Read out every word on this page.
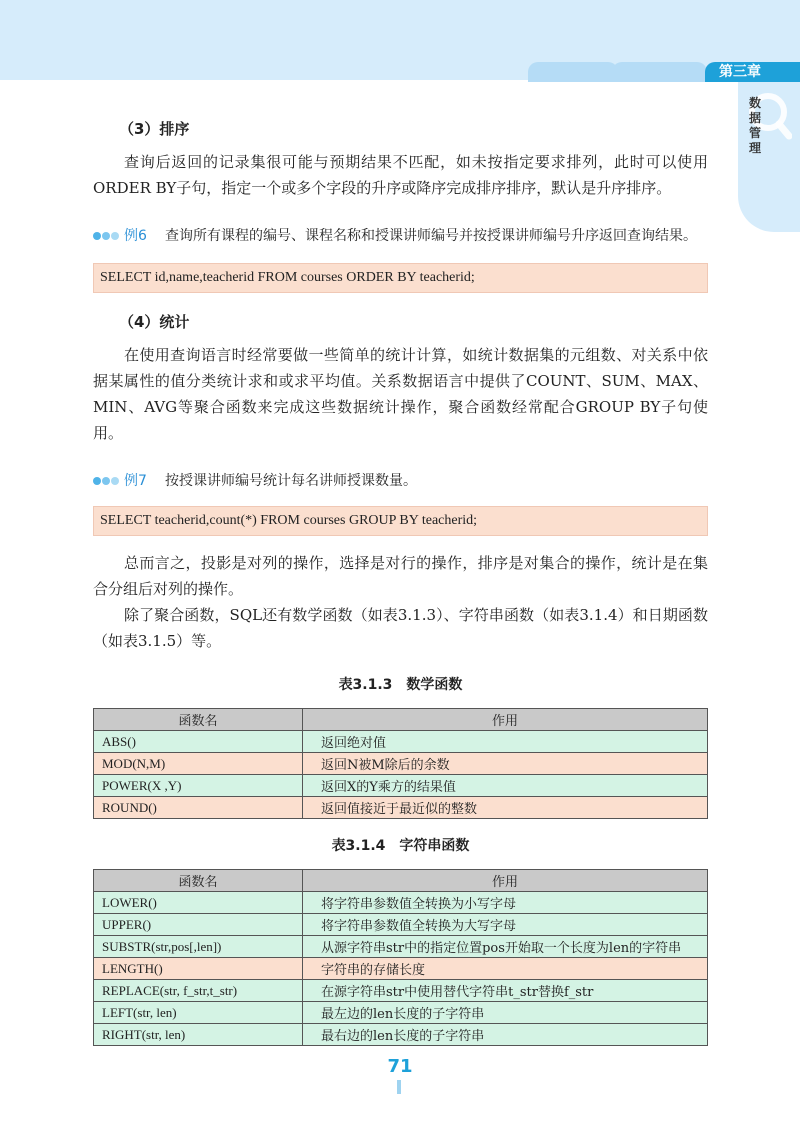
第三章
数据管理

（3）排序

查询后返回的记录集很可能与预期结果不匹配，如未按指定要求排列，此时可以使用ORDER BY子句，指定一个或多个字段的升序或降序完成排序排序，默认是升序排序。

例6 查询所有课程的编号、课程名称和授课讲师编号并按授课讲师编号升序返回查询结果。
SELECT id,name,teacherid FROM courses ORDER BY teacherid;

（4）统计

在使用查询语言时经常要做一些简单的统计计算，如统计数据集的元组数、对关系中依据某属性的值分类统计求和或求平均值。关系数据语言中提供了COUNT、SUM、MAX、MIN、AVG等聚合函数来完成这些数据统计操作，聚合函数经常配合GROUP BY子句使用。

例7 按授课讲师编号统计每名讲师授课数量。
SELECT teacherid,count(*) FROM courses GROUP BY teacherid;

总而言之，投影是对列的操作，选择是对行的操作，排序是对集合的操作，统计是在集合分组后对列的操作。

除了聚合函数，SQL还有数学函数（如表3.1.3）、字符串函数（如表3.1.4）和日期函数（如表3.1.5）等。

表3.1.3　数学函数

函数名	作用
ABS()	返回绝对值
MOD(N,M)	返回N被M除后的余数
POWER(X ,Y)	返回X的Y乘方的结果值
ROUND()	返回值接近于最近似的整数

表3.1.4　字符串函数

函数名	作用
LOWER()	将字符串参数值全转换为小写字母
UPPER()	将字符串参数值全转换为大写字母
SUBSTR(str,pos[,len])	从源字符串str中的指定位置pos开始取一个长度为len的字符串
LENGTH()	字符串的存储长度
REPLACE(str, f_str,t_str)	在源字符串str中使用替代字符串t_str替换f_str
LEFT(str, len)	最左边的len长度的子字符串
RIGHT(str, len)	最右边的len长度的子字符串
71
